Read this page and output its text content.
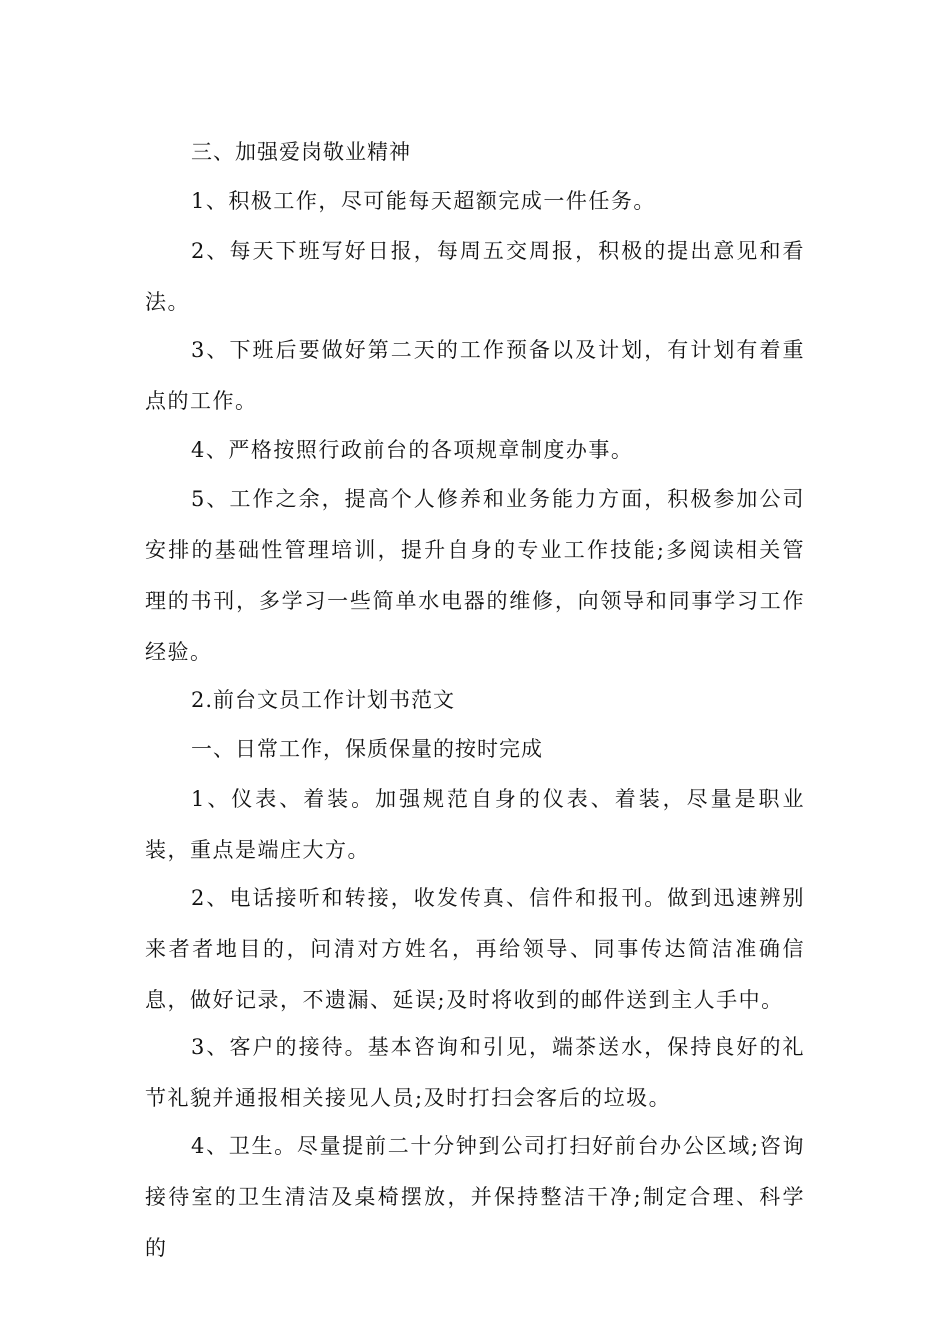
三、加强爱岗敬业精神

1、积极工作，尽可能每天超额完成一件任务。

2、每天下班写好日报，每周五交周报，积极的提出意见和看法。

3、下班后要做好第二天的工作预备以及计划，有计划有着重点的工作。

4、严格按照行政前台的各项规章制度办事。

5、工作之余，提高个人修养和业务能力方面，积极参加公司安排的基础性管理培训，提升自身的专业工作技能;多阅读相关管理的书刊，多学习一些简单水电器的维修，向领导和同事学习工作经验。

2.前台文员工作计划书范文

一、日常工作，保质保量的按时完成

1、仪表、着装。加强规范自身的仪表、着装，尽量是职业装，重点是端庄大方。

2、电话接听和转接，收发传真、信件和报刊。做到迅速辨别来者者地目的，问清对方姓名，再给领导、同事传达简洁准确信息，做好记录，不遗漏、延误;及时将收到的邮件送到主人手中。

3、客户的接待。基本咨询和引见，端茶送水，保持良好的礼节礼貌并通报相关接见人员;及时打扫会客后的垃圾。

4、卫生。尽量提前二十分钟到公司打扫好前台办公区域;咨询接待室的卫生清洁及桌椅摆放，并保持整洁干净;制定合理、科学的
